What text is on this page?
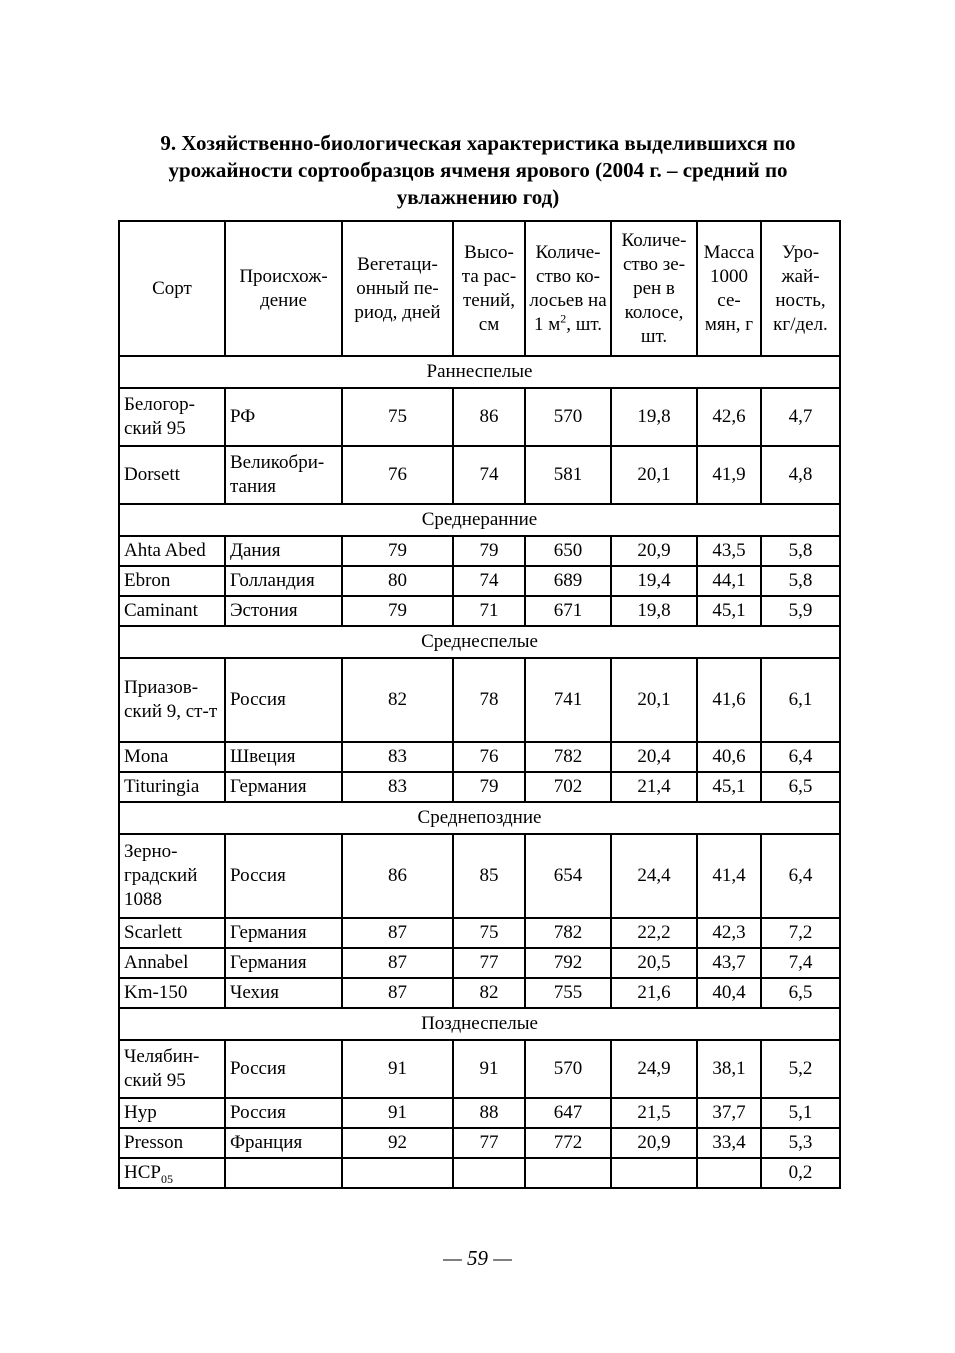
9. Хозяйственно-биологическая характеристика выделившихся по
урожайности сортообразцов ячменя ярового (2004 г. – средний по
увлажнению год)
Сорт	Происхож-дение	Вегетаци-онный пе-риод, дней	Высо-та рас-тений, см	Количе-ство ко-лосьев на 1 $м^2$, шт.	Количе-ство зе-рен в колосе, шт.	Масса 1000 се-мян, г	Уро-жай-ность, кг/дел.
Раннеспелые							
Белогор-ский 95	РФ	75	86	570	19,8	42,6	4,7
Dorsett	Великобри-тания	76	74	581	20,1	41,9	4,8
Среднеранние							
Ahta Abed	Дания	79	79	650	20,9	43,5	5,8
Ebron	Голландия	80	74	689	19,4	44,1	5,8
Caminant	Эстония	79	71	671	19,8	45,1	5,9
Среднеспелые							
Приазов-ский 9, ст-т	Россия	82	78	741	20,1	41,6	6,1
Mona	Швеция	83	76	782	20,4	40,6	6,4
Tituringia	Германия	83	79	702	21,4	45,1	6,5
Среднепоздние							
Зерно-градский 1088	Россия	86	85	654	24,4	41,4	6,4
Scarlett	Германия	87	75	782	22,2	42,3	7,2
Annabel	Германия	87	77	792	20,5	43,7	7,4
Km-150	Чехия	87	82	755	21,6	40,4	6,5
Позднеспелые							
Челябин-ский 95	Россия	91	91	570	24,9	38,1	5,2
Нур	Россия	91	88	647	21,5	37,7	5,1
Presson	Франция	92	77	772	20,9	33,4	5,3
$НСР_{05}$							0,2
— 59 —
